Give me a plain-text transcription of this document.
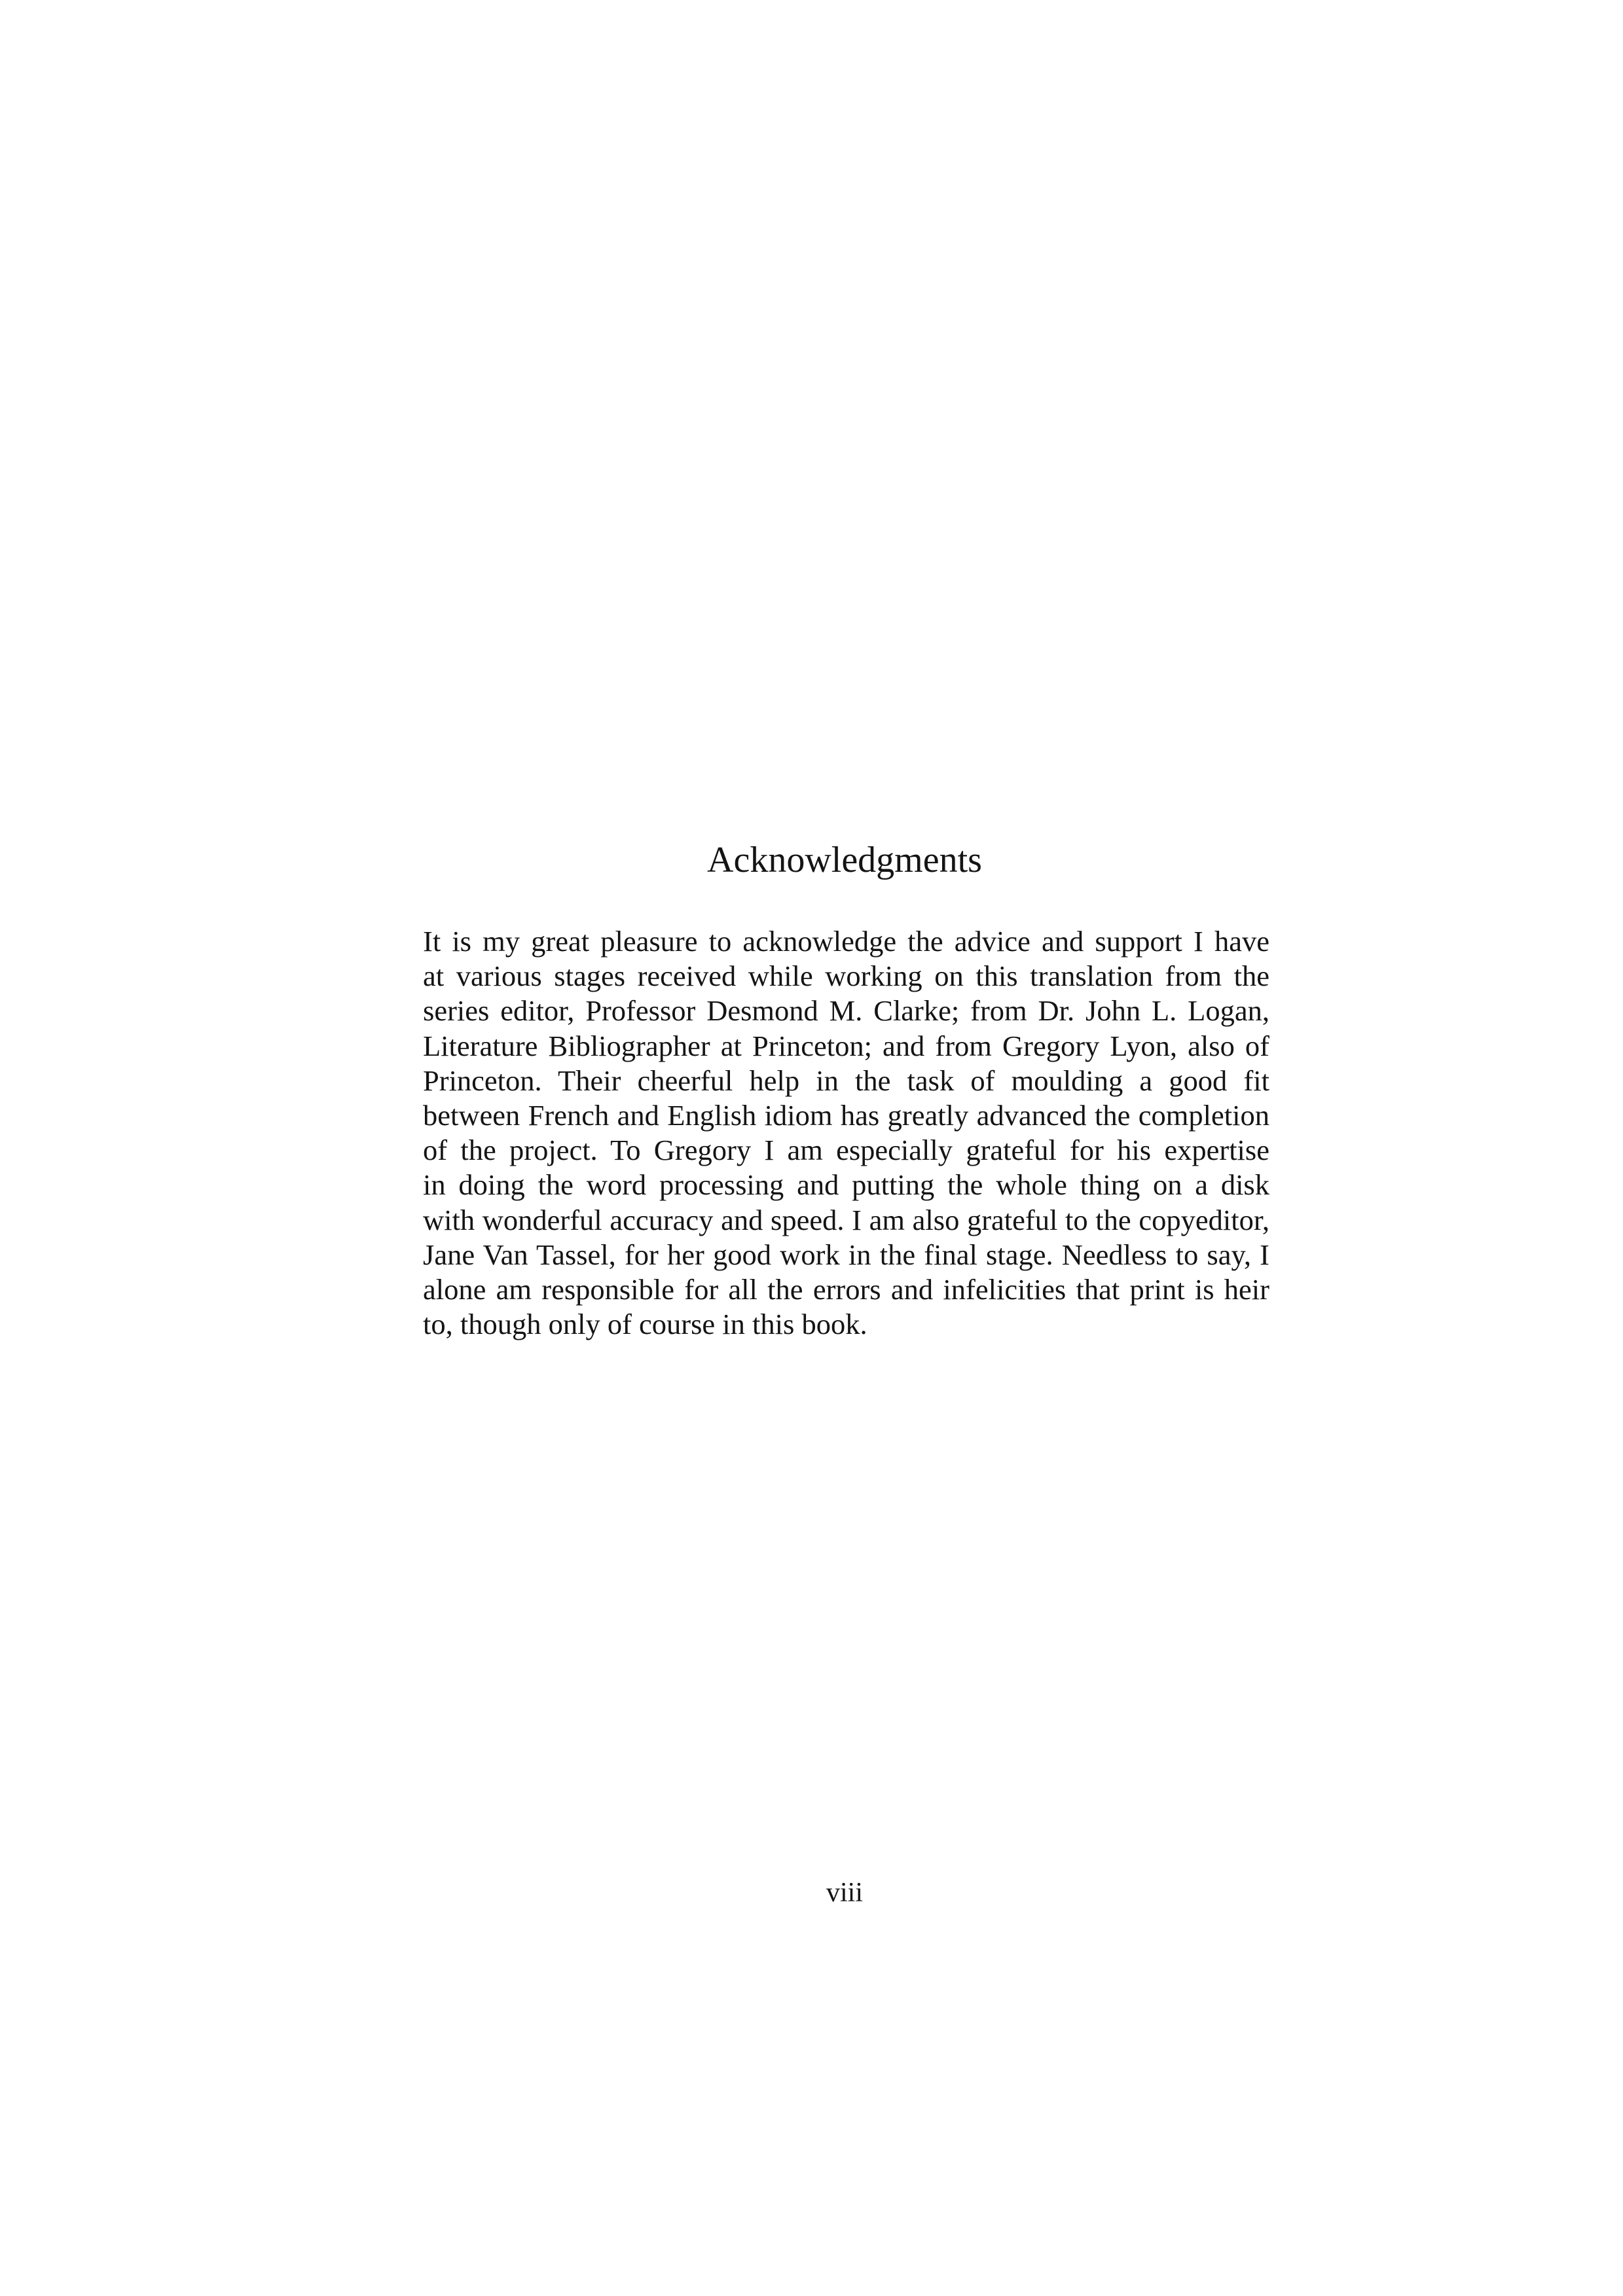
Acknowledgments
It is my great pleasure to acknowledge the advice and support I have
at various stages received while working on this translation from the
series editor, Professor Desmond M. Clarke; from Dr. John L. Logan,
Literature Bibliographer at Princeton; and from Gregory Lyon, also of
Princeton. Their cheerful help in the task of moulding a good fit
between French and English idiom has greatly advanced the completion
of the project. To Gregory I am especially grateful for his expertise
in doing the word processing and putting the whole thing on a disk
with wonderful accuracy and speed. I am also grateful to the copyeditor,
Jane Van Tassel, for her good work in the final stage. Needless to say, I
alone am responsible for all the errors and infelicities that print is heir
to, though only of course in this book.
viii
